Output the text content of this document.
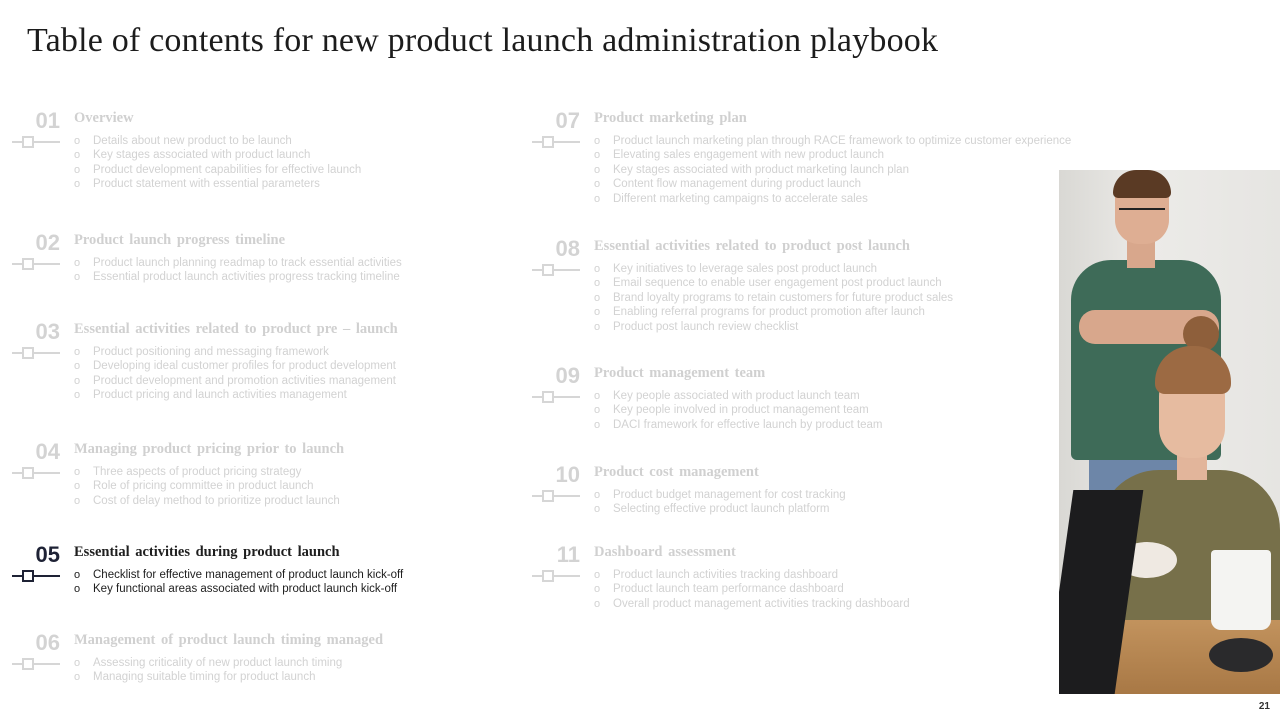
Table of contents for new product launch administration playbook
01 Overview
o Details about new product to be launch
o Key stages associated with product launch
o Product development capabilities for effective launch
o Product statement with essential parameters
02 Product launch progress timeline
o Product launch planning readmap to track essential activities
o Essential product launch activities progress tracking timeline
03 Essential activities related to product pre – launch
o Product positioning and messaging framework
o Developing ideal customer profiles for product development
o Product development and promotion activities management
o Product pricing and launch activities management
04 Managing product pricing prior to launch
o Three aspects of product pricing strategy
o Role of pricing committee in product launch
o Cost of delay method to prioritize product launch
05 Essential activities during product launch
o Checklist for effective management of product launch kick-off
o Key functional areas associated with product launch kick-off
06 Management of product launch timing managed
o Assessing criticality of new product launch timing
o Managing suitable timing for product launch
07 Product marketing plan
o Product launch marketing plan through RACE framework to optimize customer experience
o Elevating sales engagement with new product launch
o Key stages associated with product marketing launch plan
o Content flow management during product launch
o Different marketing campaigns to accelerate sales
08 Essential activities related to product post launch
o Key initiatives to leverage sales post product launch
o Email sequence to enable user engagement post product launch
o Brand loyalty programs to retain customers for future product sales
o Enabling referral programs for product promotion after launch
o Product post launch review checklist
09 Product management team
o Key people associated with product launch team
o Key people involved in product management team
o DACI framework for effective launch by product team
10 Product cost management
o Product budget management for cost tracking
o Selecting effective product launch platform
11 Dashboard assessment
o Product launch activities tracking dashboard
o Product launch team performance dashboard
o Overall product management activities tracking dashboard
21
